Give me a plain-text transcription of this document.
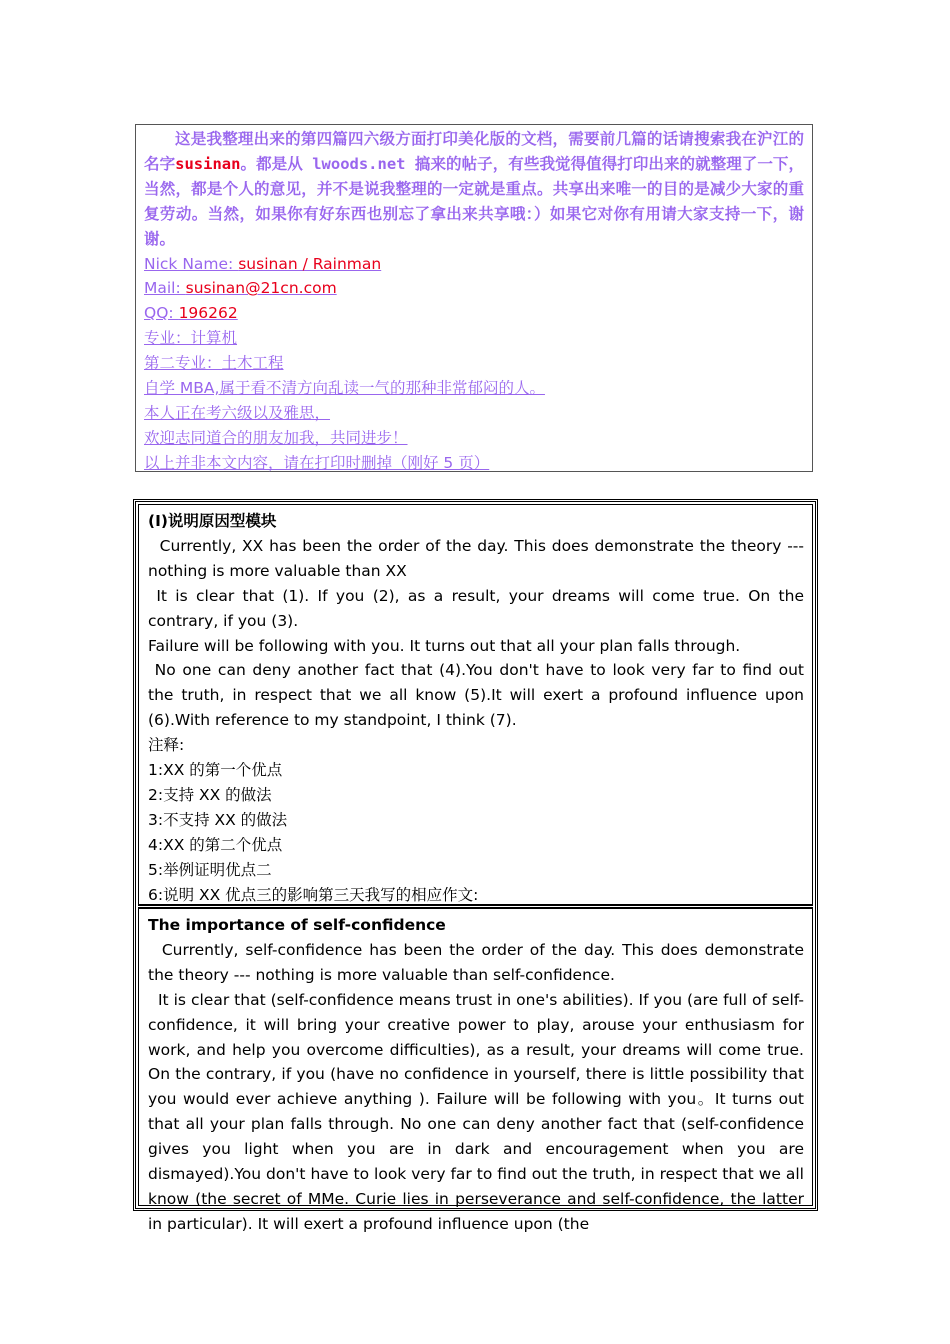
这是我整理出来的第四篇四六级方面打印美化版的文档，需要前几篇的话请搜索我在沪江的名字susinan。都是从 lwoods.net 搞来的帖子，有些我觉得值得打印出来的就整理了一下，当然，都是个人的意见，并不是说我整理的一定就是重点。共享出来唯一的目的是减少大家的重复劳动。当然，如果你有好东西也别忘了拿出来共享哦：）如果它对你有用请大家支持一下，谢谢。

Nick Name: susinan / Rainman

Mail: susinan@21cn.com

QQ: 196262

专业：计算机

第二专业：土木工程

自学 MBA,属于看不清方向乱读一气的那种非常郁闷的人。

本人正在考六级以及雅思，

欢迎志同道合的朋友加我，共同进步！

以上并非本文内容，请在打印时删掉（刚好 5 页）

(I)说明原因型模块

Currently, XX has been the order of the day. This does demonstrate the theory --- nothing is more valuable than XX

It is clear that (1). If you (2), as a result, your dreams will come true. On the contrary, if you (3).

Failure will be following with you. It turns out that all your plan falls through.

No one can deny another fact that (4).You don't have to look very far to find out the truth, in respect that we all know (5).It will exert a profound influence upon (6).With reference to my standpoint, I think (7).

注释:

1:XX 的第一个优点

2:支持 XX 的做法

3:不支持 XX 的做法

4:XX 的第二个优点

5:举例证明优点二

6:说明 XX 优点三的影响第三天我写的相应作文:

The importance of self-confidence

Currently, self-confidence has been the order of the day. This does demonstrate the theory --- nothing is more valuable than self-confidence.

It is clear that (self-confidence means trust in one's abilities). If you (are full of self-confidence, it will bring your creative power to play, arouse your enthusiasm for work, and help you overcome difficulties), as a result, your dreams will come true. On the contrary, if you (have no confidence in yourself, there is little possibility that you would ever achieve anything ). Failure will be following with you。It turns out that all your plan falls through. No one can deny another fact that (self-confidence gives you light when you are in dark and encouragement when you are dismayed).You don't have to look very far to find out the truth, in respect that we all know (the secret of MMe. Curie lies in perseverance and self-confidence, the latter in particular). It will exert a profound influence upon (the
